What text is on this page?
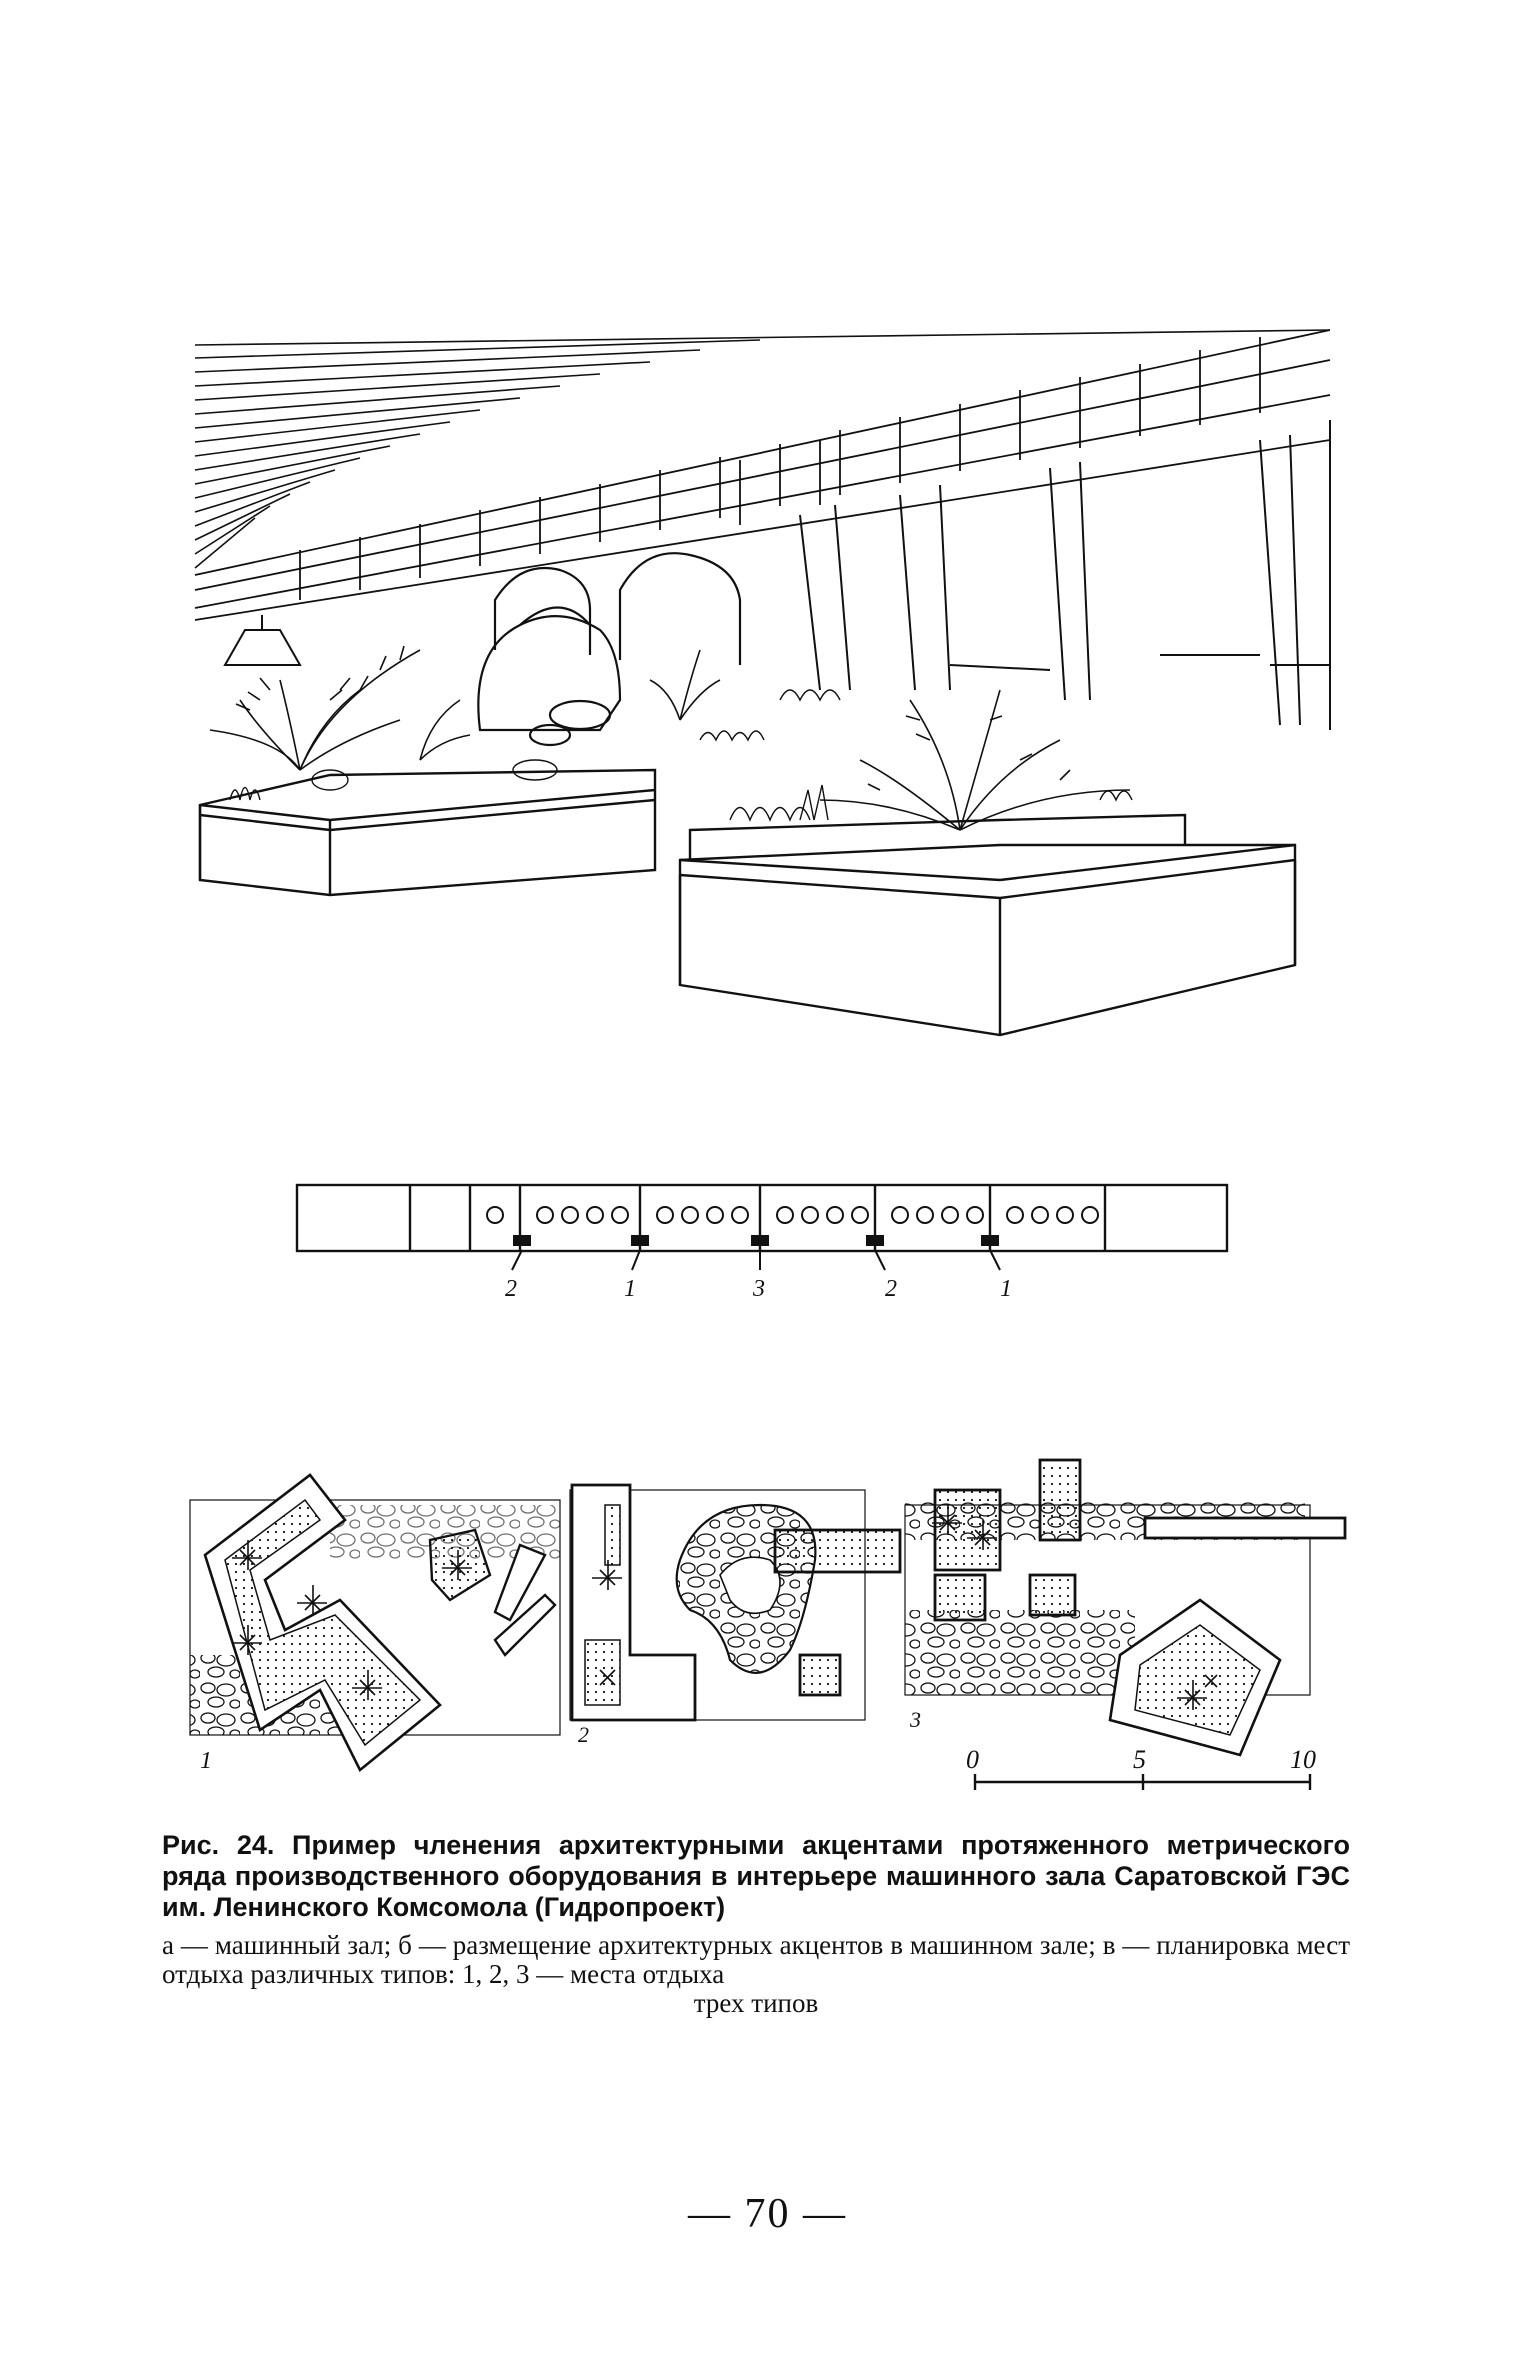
2	1	3	2	1
1
2
3
0	5	10

Рис. 24. Пример членения архитектурными акцентами протяженного метрического ряда производственного оборудования в интерьере машинного зала Саратовской ГЭС им. Ленинского Комсомола (Гидропроект)

а — машинный зал; б — размещение архитектурных акцентов в машинном зале; в — планировка мест отдыха различных типов: 1, 2, 3 — места отдыха
трех типов

— 70 —
